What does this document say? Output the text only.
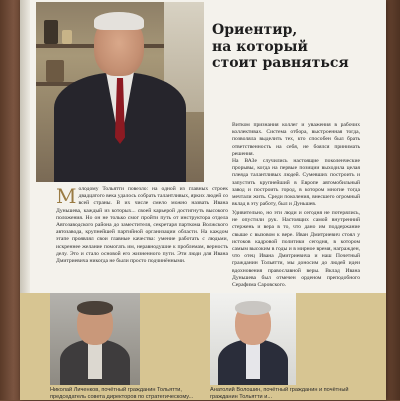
Ориентир,
на который
стоит равняться

Витком признания коллег и уважения в рабочих коллективах. Система отбора, выстроенная тогда, позволяла выделить тех, кто способен был брать ответственность на себя, не боялся принимать решения.

На ВАЗе случились настоящие поколенческие прорывы, когда на первые позиции выходила целая плеяда талантливых людей. Сумевших построить и запустить крупнейший в Европе автомобильный завод и построить город, в котором многие тогда мечтали жить. Среди поколения, внесшего огромный вклад в эту работу, был и Дуньшев.

Удивительно, но эти люди и сегодня не потерялись, не опустили рук. Настоящих самой внутренний стержень и вера в то, что дано им поддержание свыше с вызовом к вере. Иван Дмитриевич стоял у истоков кадровой политики сегодня, в котором самым высоким в годы и в мирное время, награжден, что отец Ивана Дмитриевича и наш Почетный гражданин Тольятти, мы доносим до людей идеи вдохновения православной веры. Вклад Ивана Дуньшева был отмечен орденом преподобного Серафима Саровского.

М олодому Тольятти повезло: на одной из главных строек двадцатого века удалось собрать талантливых, ярких людей со всей страны. В их числе смело можно назвать Ивана Дуньшева, каждый из которых... своей карьерой достигнуть высокого положения. Но он не только смог пройти путь от инструктора отдела Автозаводского района до заместителя, секретаря парткома Волжского автозавода, крупнейшей партийной организации области. На каждом этапе проявлял свои главные качества: умение работать с людьми, искреннее желание помогать им, неравнодушие к проблемам, верность делу. Это и стало основой его жизненного пути. Эти люди для Ивана Дмитриевича никогда не были просто подчинёнными.

Николай Личенков, почётный гражданин Тольятти, председатель совета директоров по стратегическому...

Анатолий Волошин, почётный гражданин и почётный гражданин Тольятти и...
